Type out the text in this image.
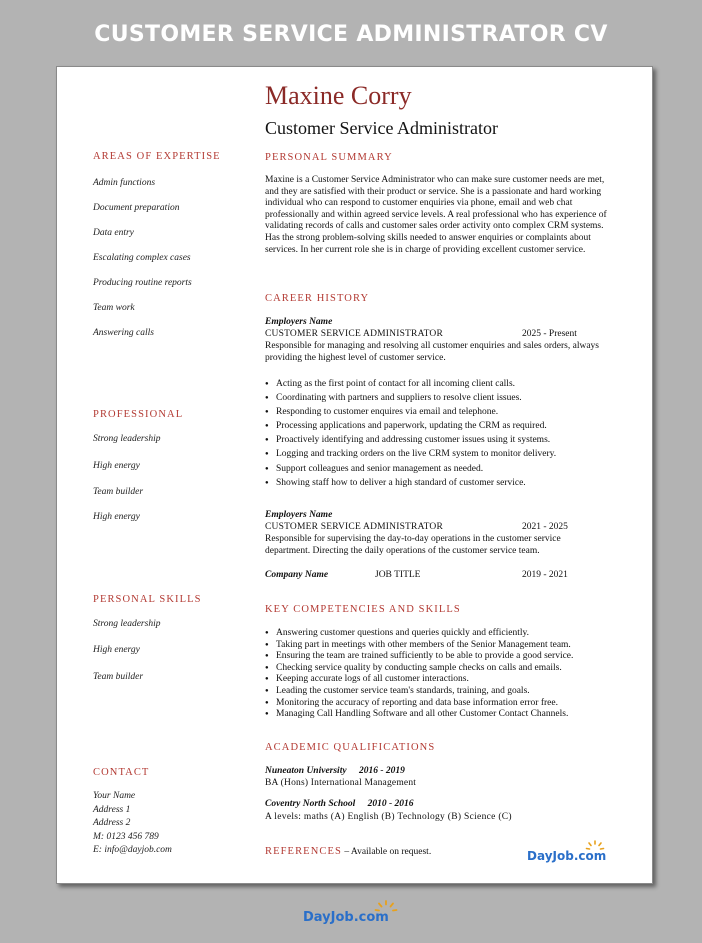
CUSTOMER SERVICE ADMINISTRATOR CV
Maxine Corry
Customer Service Administrator
AREAS OF EXPERTISE
Admin functions
Document preparation
Data entry
Escalating complex cases
Producing routine reports
Team work
Answering calls
PROFESSIONAL
Strong leadership
High energy
Team builder
High energy
PERSONAL SKILLS
Strong leadership
High energy
Team builder
CONTACT
Your Name
Address 1
Address 2
M: 0123 456 789
E: info@dayjob.com
PERSONAL SUMMARY
Maxine is a Customer Service Administrator who can make sure customer needs are met, and they are satisfied with their product or service. She is a passionate and hard working individual who can respond to customer enquiries via phone, email and web chat professionally and within agreed service levels. A real professional who has experience of validating records of calls and customer sales order activity onto complex CRM systems. Has the strong problem-solving skills needed to answer enquiries or complaints about services. In her current role she is in charge of providing excellent customer service.
CAREER HISTORY
Employers Name
CUSTOMER SERVICE ADMINISTRATOR	2025 - Present
Responsible for managing and resolving all customer enquiries and sales orders, always providing the highest level of customer service.
● Acting as the first point of contact for all incoming client calls.
● Coordinating with partners and suppliers to resolve client issues.
● Responding to customer enquires via email and telephone.
● Processing applications and paperwork, updating the CRM as required.
● Proactively identifying and addressing customer issues using it systems.
● Logging and tracking orders on the live CRM system to monitor delivery.
● Support colleagues and senior management as needed.
● Showing staff how to deliver a high standard of customer service.
Employers Name
CUSTOMER SERVICE ADMINISTRATOR	2021 - 2025
Responsible for supervising the day-to-day operations in the customer service department. Directing the daily operations of the customer service team.
Company Name	JOB TITLE	2019 - 2021
KEY COMPETENCIES AND SKILLS
● Answering customer questions and queries quickly and efficiently.
● Taking part in meetings with other members of the Senior Management team.
● Ensuring the team are trained sufficiently to be able to provide a good service.
● Checking service quality by conducting sample checks on calls and emails.
● Keeping accurate logs of all customer interactions.
● Leading the customer service team's standards, training, and goals.
● Monitoring the accuracy of reporting and data base information error free.
● Managing Call Handling Software and all other Customer Contact Channels.
ACADEMIC QUALIFICATIONS
Nuneaton University 2016 - 2019
BA (Hons) International Management
Coventry North School 2010 - 2016
A levels: maths (A) English (B) Technology (B) Science (C)
REFERENCES – Available on request.	DayJob.com
DayJob.com
